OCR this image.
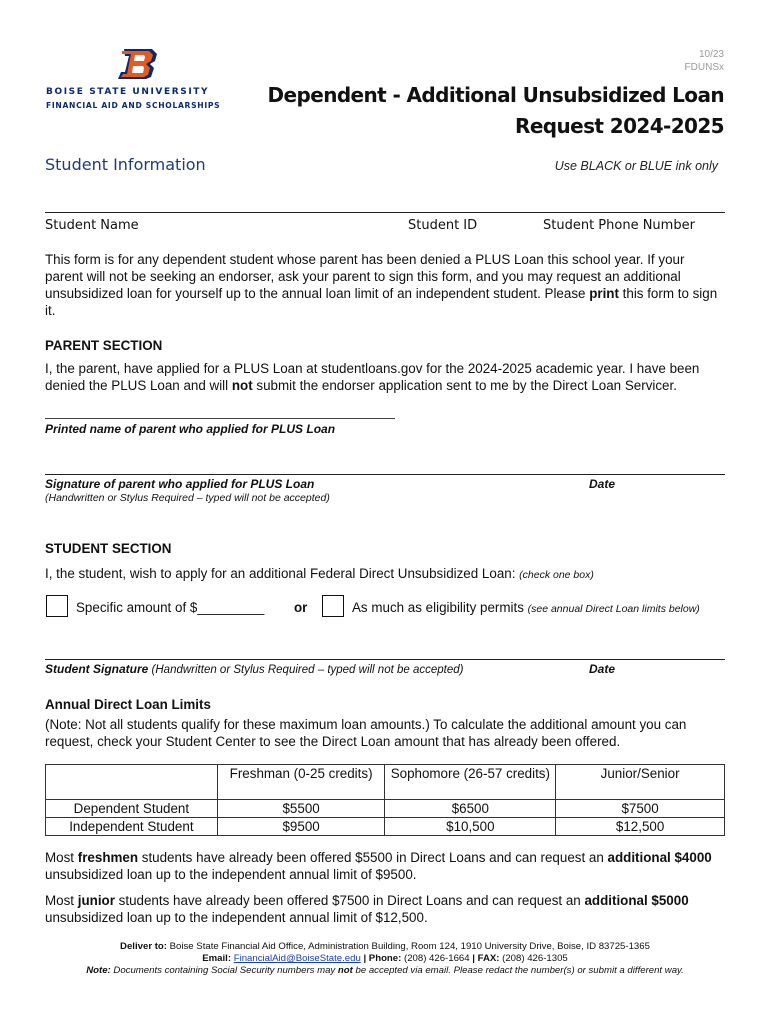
BOISE STATE UNIVERSITY
FINANCIAL AID AND SCHOLARSHIPS
10/23
FDUNSx
Dependent - Additional Unsubsidized Loan
Request 2024-2025
Student Information	Use BLACK or BLUE ink only
Student Name	Student ID	Student Phone Number
This form is for any dependent student whose parent has been denied a PLUS Loan this school year. If your parent will not be seeking an endorser, ask your parent to sign this form, and you may request an additional unsubsidized loan for yourself up to the annual loan limit of an independent student. Please print this form to sign it.
PARENT SECTION
I, the parent, have applied for a PLUS Loan at studentloans.gov for the 2024-2025 academic year. I have been denied the PLUS Loan and will not submit the endorser application sent to me by the Direct Loan Servicer.
Printed name of parent who applied for PLUS Loan
Signature of parent who applied for PLUS Loan	Date
(Handwritten or Stylus Required – typed will not be accepted)
STUDENT SECTION
I, the student, wish to apply for an additional Federal Direct Unsubsidized Loan: (check one box)
Specific amount of $_________ or	As much as eligibility permits (see annual Direct Loan limits below)
Student Signature (Handwritten or Stylus Required – typed will not be accepted)	Date
Annual Direct Loan Limits
(Note: Not all students qualify for these maximum loan amounts.) To calculate the additional amount you can request, check your Student Center to see the Direct Loan amount that has already been offered.
	Freshman (0-25 credits)	Sophomore (26-57 credits)	Junior/Senior
Dependent Student	$5500	$6500	$7500
Independent Student	$9500	$10,500	$12,500
Most freshmen students have already been offered $5500 in Direct Loans and can request an additional $4000 unsubsidized loan up to the independent annual limit of $9500.
Most junior students have already been offered $7500 in Direct Loans and can request an additional $5000 unsubsidized loan up to the independent annual limit of $12,500.
Deliver to: Boise State Financial Aid Office, Administration Building, Room 124, 1910 University Drive, Boise, ID 83725-1365
Email: FinancialAid@BoiseState.edu | Phone: (208) 426-1664 | FAX: (208) 426-1305
Note: Documents containing Social Security numbers may not be accepted via email. Please redact the number(s) or submit a different way.
